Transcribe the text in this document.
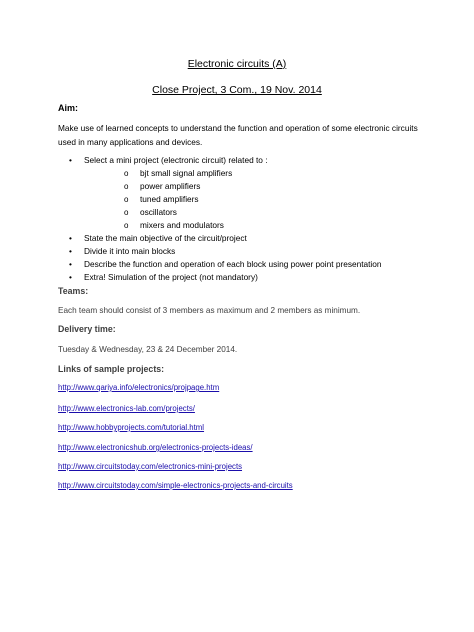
Electronic circuits (A)
Close Project, 3 Com., 19 Nov. 2014
Aim:
Make use of learned concepts to understand the function and operation of some electronic circuits used in many applications and devices.
• Select a mini project (electronic circuit) related to :
o bjt small signal amplifiers
o power amplifiers
o tuned amplifiers
o oscillators
o mixers and modulators
• State the main objective of the circuit/project
• Divide it into main blocks
• Describe the function and operation of each block using power point presentation
• Extra! Simulation of the project (not mandatory)
Teams:
Each team should consist of 3 members as maximum and 2 members as minimum.
Delivery time:
Tuesday & Wednesday, 23 & 24 December 2014.
Links of sample projects:
http://www.qariya.info/electronics/projpage.htm
http://www.electronics-lab.com/projects/
http://www.hobbyprojects.com/tutorial.html
http://www.electronicshub.org/electronics-projects-ideas/
http://www.circuitstoday.com/electronics-mini-projects
http://www.circuitstoday.com/simple-electronics-projects-and-circuits
